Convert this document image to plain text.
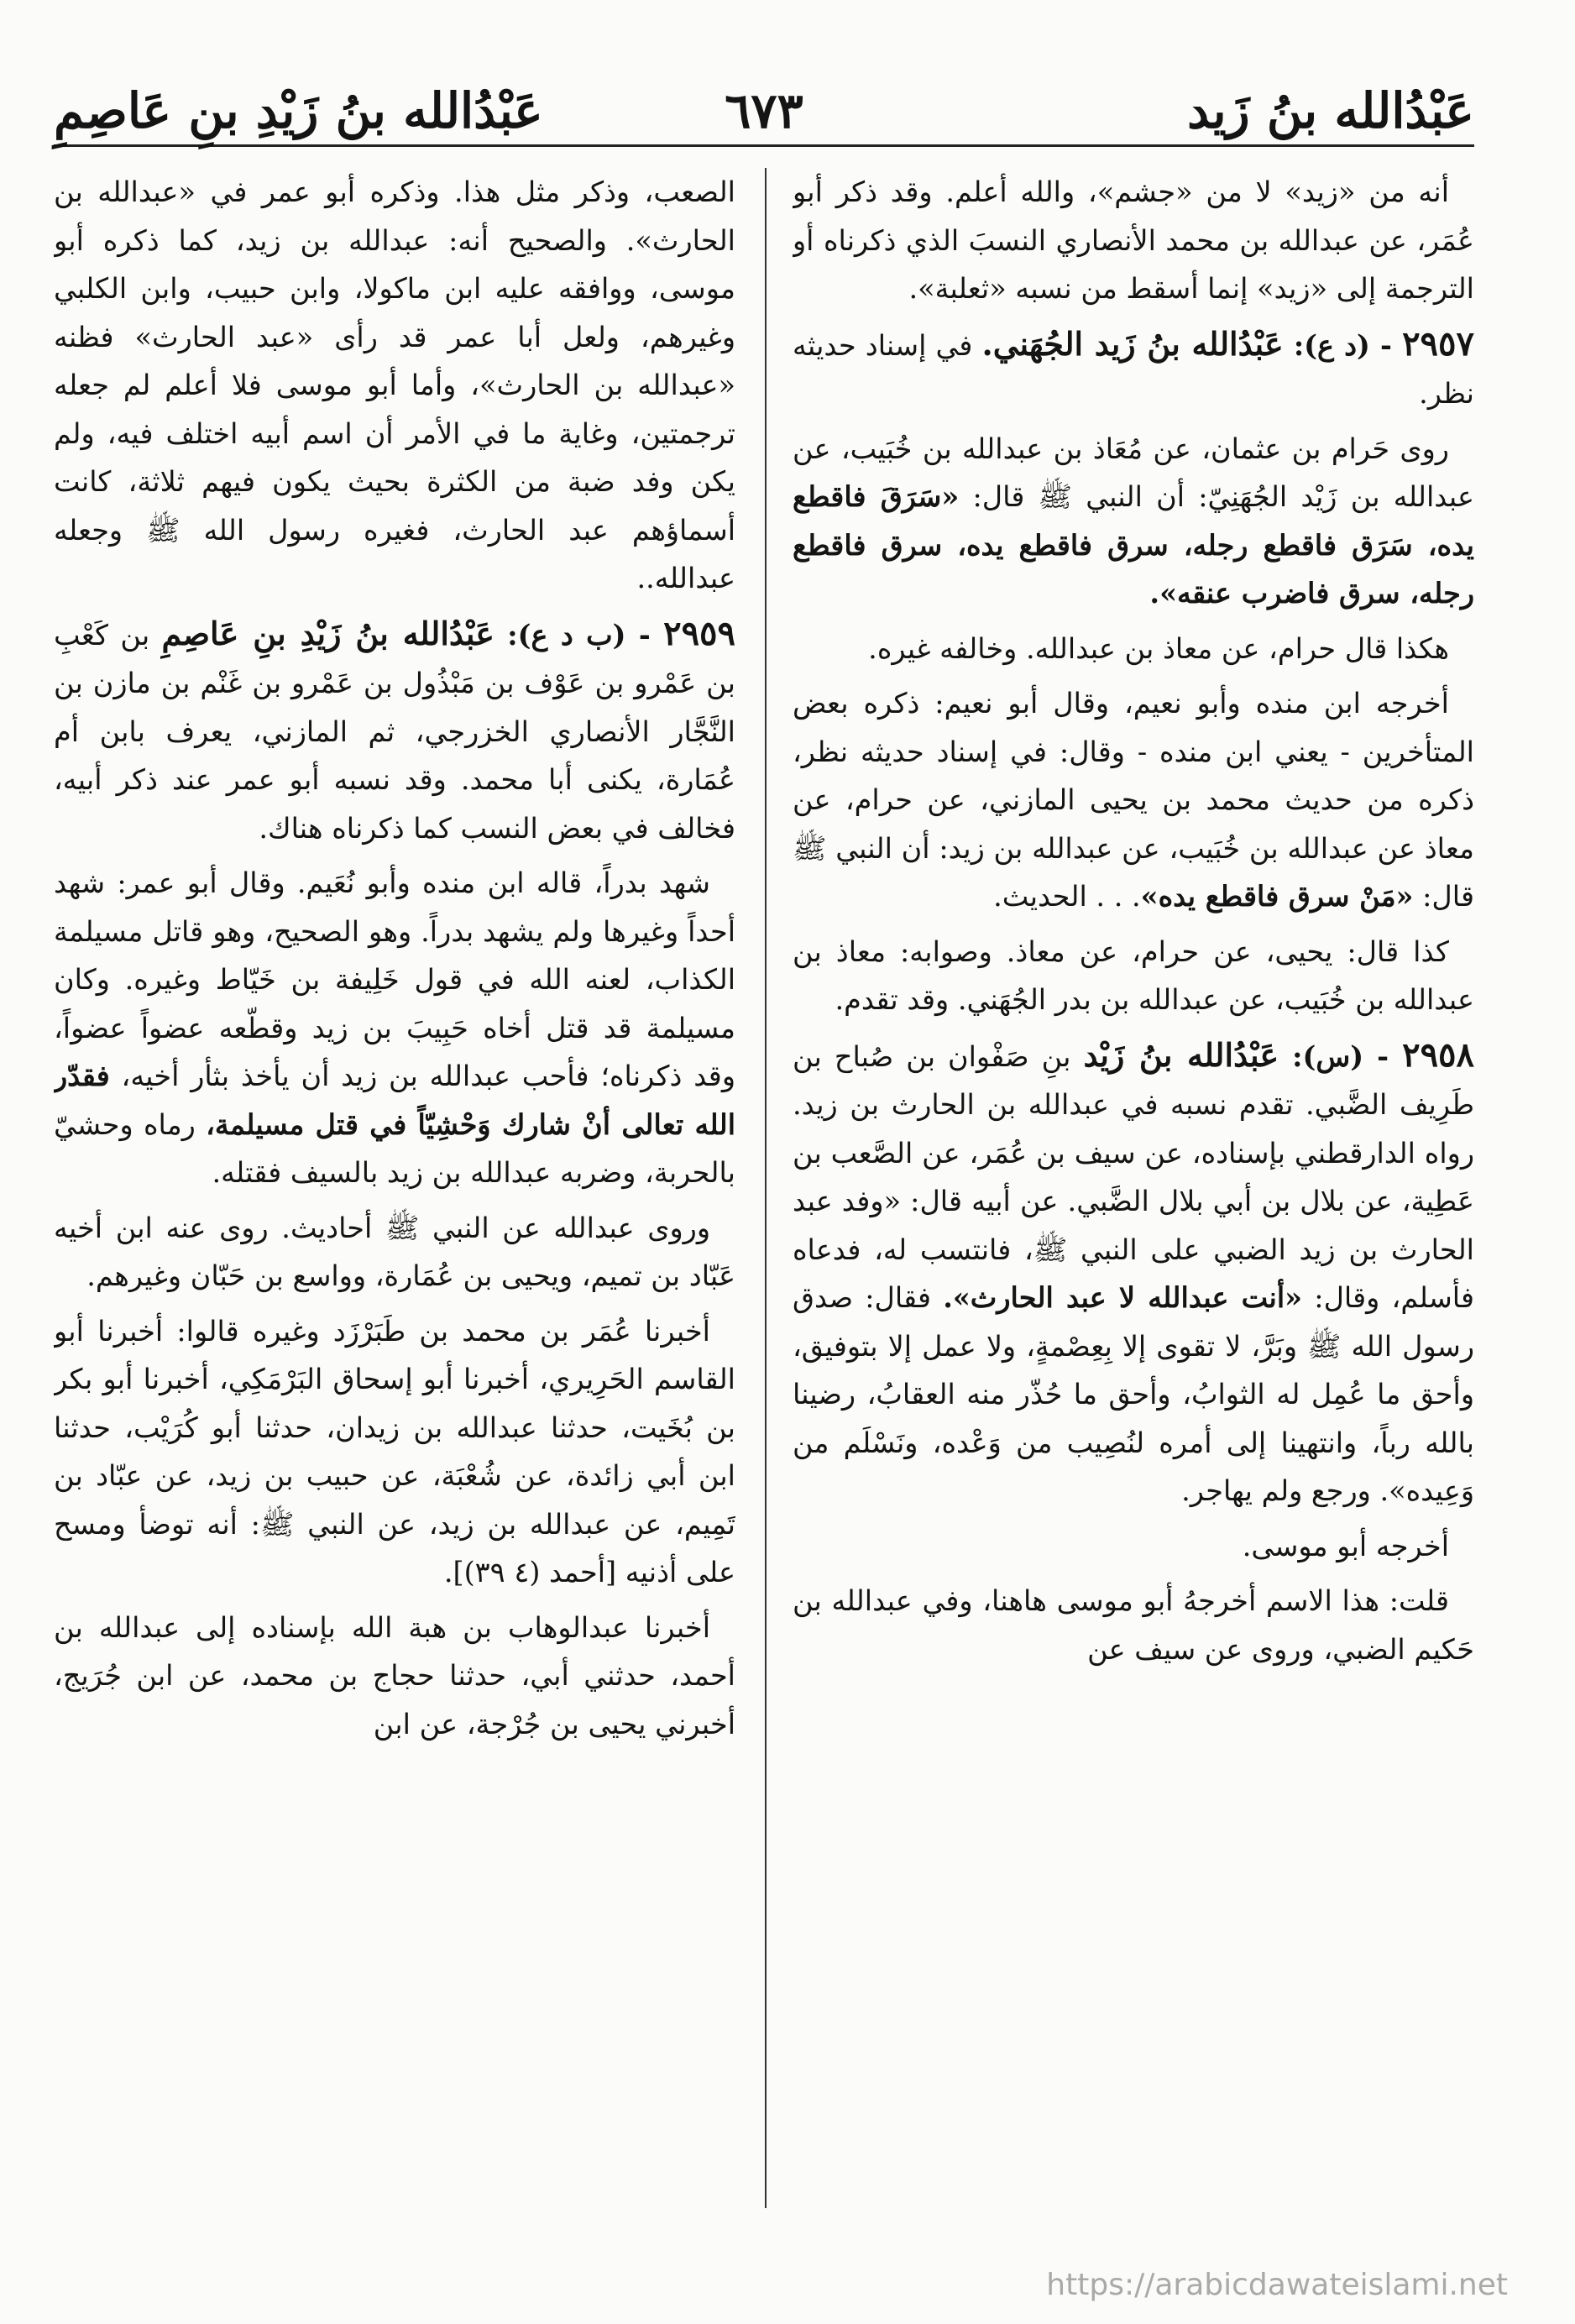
عَبْدُالله بنُ زَيد
٦٧٣
عَبْدُالله بنُ زَيْدِ بنِ عَاصِمِ

أنه من «زيد» لا من «جشم»، والله أعلم. وقد ذكر أبو عُمَر، عن عبدالله بن محمد الأنصاري النسبَ الذي ذكرناه أو الترجمة إلى «زيد» إنما أسقط من نسبه «ثعلبة».

٢٩٥٧ - (د ع): عَبْدُالله بنُ زَيد الجُهَني. في إسناد حديثه نظر.

روى حَرام بن عثمان، عن مُعَاذ بن عبدالله بن خُبَيب، عن عبدالله بن زَيْد الجُهَنِيّ: أن النبي ﷺ قال: «سَرَقَ فاقطع يده، سَرَق فاقطع رجله، سرق فاقطع يده، سرق فاقطع رجله، سرق فاضرب عنقه».

هكذا قال حرام، عن معاذ بن عبدالله. وخالفه غيره.

أخرجه ابن منده وأبو نعيم، وقال أبو نعيم: ذكره بعض المتأخرين - يعني ابن منده - وقال: في إسناد حديثه نظر، ذكره من حديث محمد بن يحيى المازني، عن حرام، عن معاذ عن عبدالله بن خُبَيب، عن عبدالله بن زيد: أن النبي ﷺ قال: «مَنْ سرق فاقطع يده». . . الحديث.

كذا قال: يحيى، عن حرام، عن معاذ. وصوابه: معاذ بن عبدالله بن خُبَيب، عن عبدالله بن بدر الجُهَني. وقد تقدم.

٢٩٥٨ - (س): عَبْدُالله بنُ زَيْد بنِ صَفْوان بن صُباح بن طَرِيف الضَّبي. تقدم نسبه في عبدالله بن الحارث بن زيد. رواه الدارقطني بإسناده، عن سيف بن عُمَر، عن الصَّعب بن عَطِية، عن بلال بن أبي بلال الضَّبي. عن أبيه قال: «وفد عبد الحارث بن زيد الضبي على النبي ﷺ، فانتسب له، فدعاه فأسلم، وقال: «أنت عبدالله لا عبد الحارث». فقال: صدق رسول الله ﷺ وبَرَّ، لا تقوى إلا بِعِصْمةٍ، ولا عمل إلا بتوفيق، وأحق ما عُمِل له الثوابُ، وأحق ما حُذّر منه العقابُ، رضينا بالله رباً، وانتهينا إلى أمره لنُصِيب من وَعْده، ونَسْلَم من وَعِيده». ورجع ولم يهاجر.

أخرجه أبو موسى.

قلت: هذا الاسم أخرجهُ أبو موسى هاهنا، وفي عبدالله بن حَكيم الضبي، وروى عن سيف عن

الصعب، وذكر مثل هذا. وذكره أبو عمر في «عبدالله بن الحارث». والصحيح أنه: عبدالله بن زيد، كما ذكره أبو موسى، ووافقه عليه ابن ماكولا، وابن حبيب، وابن الكلبي وغيرهم، ولعل أبا عمر قد رأى «عبد الحارث» فظنه «عبدالله بن الحارث»، وأما أبو موسى فلا أعلم لم جعله ترجمتين، وغاية ما في الأمر أن اسم أبيه اختلف فيه، ولم يكن وفد ضبة من الكثرة بحيث يكون فيهم ثلاثة، كانت أسماؤهم عبد الحارث، فغيره رسول الله ﷺ وجعله عبدالله..

٢٩٥٩ - (ب د ع): عَبْدُالله بنُ زَيْدِ بنِ عَاصِمِ بن كَعْبِ بن عَمْرو بن عَوْف بن مَبْذُول بن عَمْرو بن غَنْم بن مازن بن النَّجَّار الأنصاري الخزرجي، ثم المازني، يعرف بابن أم عُمَارة، يكنى أبا محمد. وقد نسبه أبو عمر عند ذكر أبيه، فخالف في بعض النسب كما ذكرناه هناك.

شهد بدراً، قاله ابن منده وأبو نُعَيم. وقال أبو عمر: شهد أحداً وغيرها ولم يشهد بدراً. وهو الصحيح، وهو قاتل مسيلمة الكذاب، لعنه الله في قول خَلِيفة بن خَيّاط وغيره. وكان مسيلمة قد قتل أخاه حَبِيبَ بن زيد وقطّعه عضواً عضواً، وقد ذكرناه؛ فأحب عبدالله بن زيد أن يأخذ بثأر أخيه، فقدّر الله تعالى أنْ شارك وَحْشِيّاً في قتل مسيلمة، رماه وحشيّ بالحربة، وضربه عبدالله بن زيد بالسيف فقتله.

وروى عبدالله عن النبي ﷺ أحاديث. روى عنه ابن أخيه عَبّاد بن تميم، ويحيى بن عُمَارة، وواسع بن حَبّان وغيرهم.

أخبرنا عُمَر بن محمد بن طَبَرْزَد وغيره قالوا: أخبرنا أبو القاسم الحَرِيري، أخبرنا أبو إسحاق البَرْمَكِي، أخبرنا أبو بكر بن بُخَيت، حدثنا عبدالله بن زيدان، حدثنا أبو كُرَيْب، حدثنا ابن أبي زائدة، عن شُعْبَة، عن حبيب بن زيد، عن عبّاد بن تَمِيم، عن عبدالله بن زيد، عن النبي ﷺ: أنه توضأ ومسح على أذنيه [أحمد (٤ ٣٩)].

أخبرنا عبدالوهاب بن هبة الله بإسناده إلى عبدالله بن أحمد، حدثني أبي، حدثنا حجاج بن محمد، عن ابن جُرَيج، أخبرني يحيى بن جُرْجة، عن ابن

https://arabicdawateislami.net
